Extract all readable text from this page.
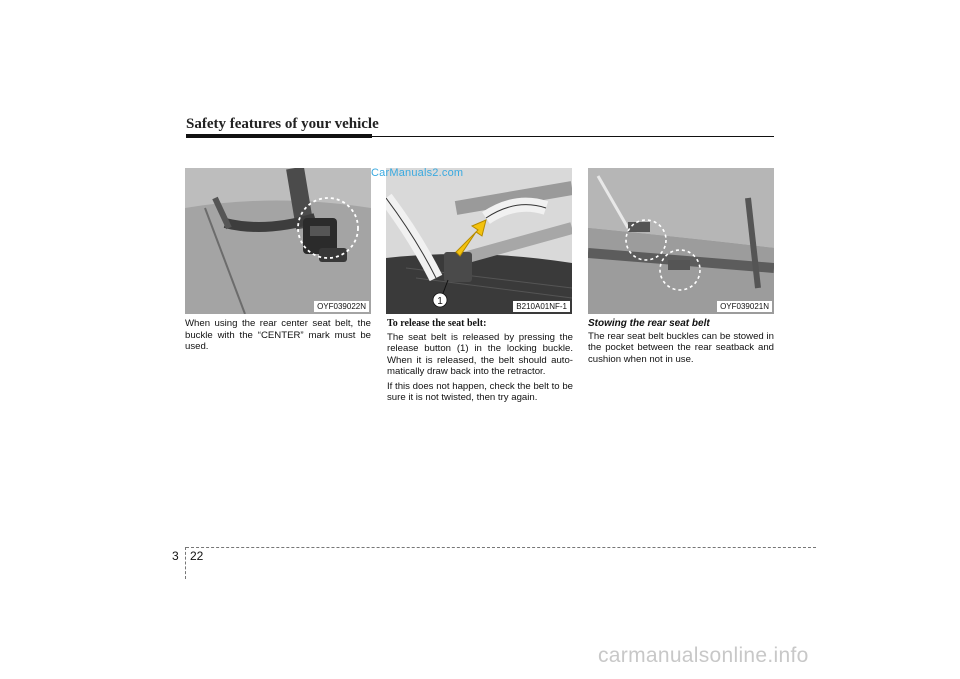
Safety features of your vehicle
OYF039022N	1	B210A01NF-1	OYF039021N
CarManuals2.com

When using the rear center seat belt, the buckle with the “CENTER” mark must be used.

To release the seat belt:

The seat belt is released by pressing the release button (1) in the locking buckle. When it is released, the belt should auto-matically draw back into the retractor.

If this does not happen, check the belt to be sure it is not twisted, then try again.

Stowing the rear seat belt

The rear seat belt buckles can be stowed in the pocket between the rear seatback and cushion when not in use.

3 22
carmanualsonline.info
